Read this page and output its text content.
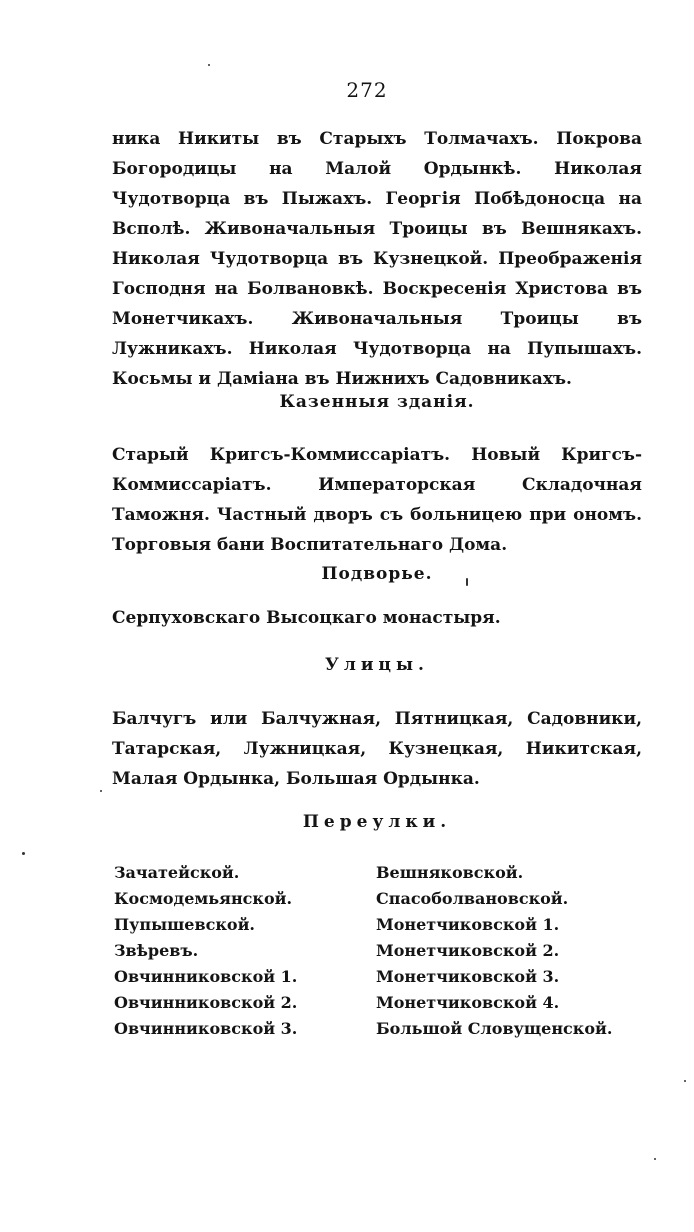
272

ника Никиты въ Старыхъ Толмачахъ. Покрова Богородицы на Малой Ордынкѣ. Николая Чудотворца въ Пыжахъ. Георгія Побѣдоносца на Всполѣ. Живоначальныя Троицы въ Вешнякахъ. Николая Чудотворца въ Кузнецкой. Преображенія Господня на Болвановкѣ. Воскресенія Христова въ Монетчикахъ. Живоначальныя Троицы въ Лужникахъ. Николая Чудотворца на Пупышахъ. Косьмы и Даміана въ Нижнихъ Садовникахъ.

Казенныя зданія.

Старый Кригсъ-Коммиссаріатъ. Новый Кригсъ-Коммиссаріатъ. Императорская Складочная Таможня. Частный дворъ съ больницею при ономъ. Торговыя бани Воспитательнаго Дома.

Подворье.

Серпуховскаго Высоцкаго монастыря.

Улицы.

Балчугъ или Балчужная, Пятницкая, Садовники, Татарская, Лужницкая, Кузнецкая, Никитская, Малая Ордынка, Большая Ордынка.

Переулки.
Зачатейской.
Космодемьянской.
Пупышевской.
Звѣревъ.
Овчинниковской 1.
Овчинниковской 2.
Овчинниковской 3.
Вешняковской.
Спасоболвановской.
Монетчиковской 1.
Монетчиковской 2.
Монетчиковской 3.
Монетчиковской 4.
Большой Словущенской.
